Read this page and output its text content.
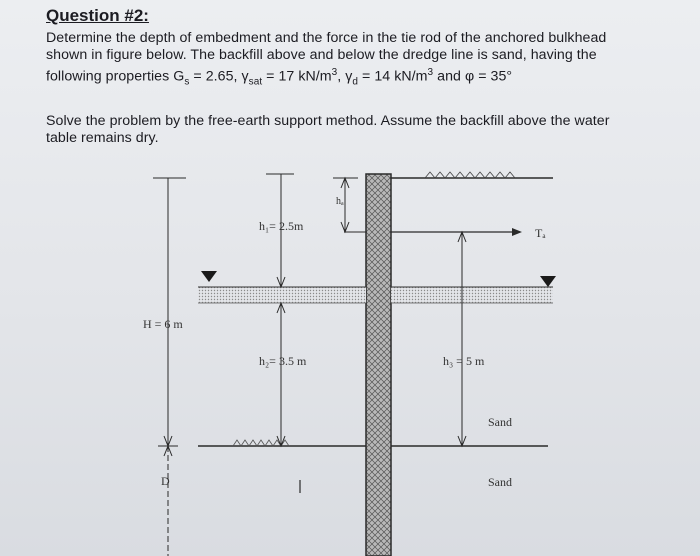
Question #2:
Determine the depth of embedment and the force in the tie rod of the anchored bulkhead
shown in figure below. The backfill above and below the dredge line is sand, having the
following properties $G_s = 2.65$, $\gamma_{sat} = 17$ $kN/m^3$, $\gamma_d = 14$ $kN/m^3$ and φ = 35°
Solve the problem by the free-earth support method. Assume the backfill above the water
table remains dry.
h₁= 2.5m
h₂= 3.5 m	h₃ = 5 m
H = 6 m
D
hₐ
Tₐ
Sand
Sand
